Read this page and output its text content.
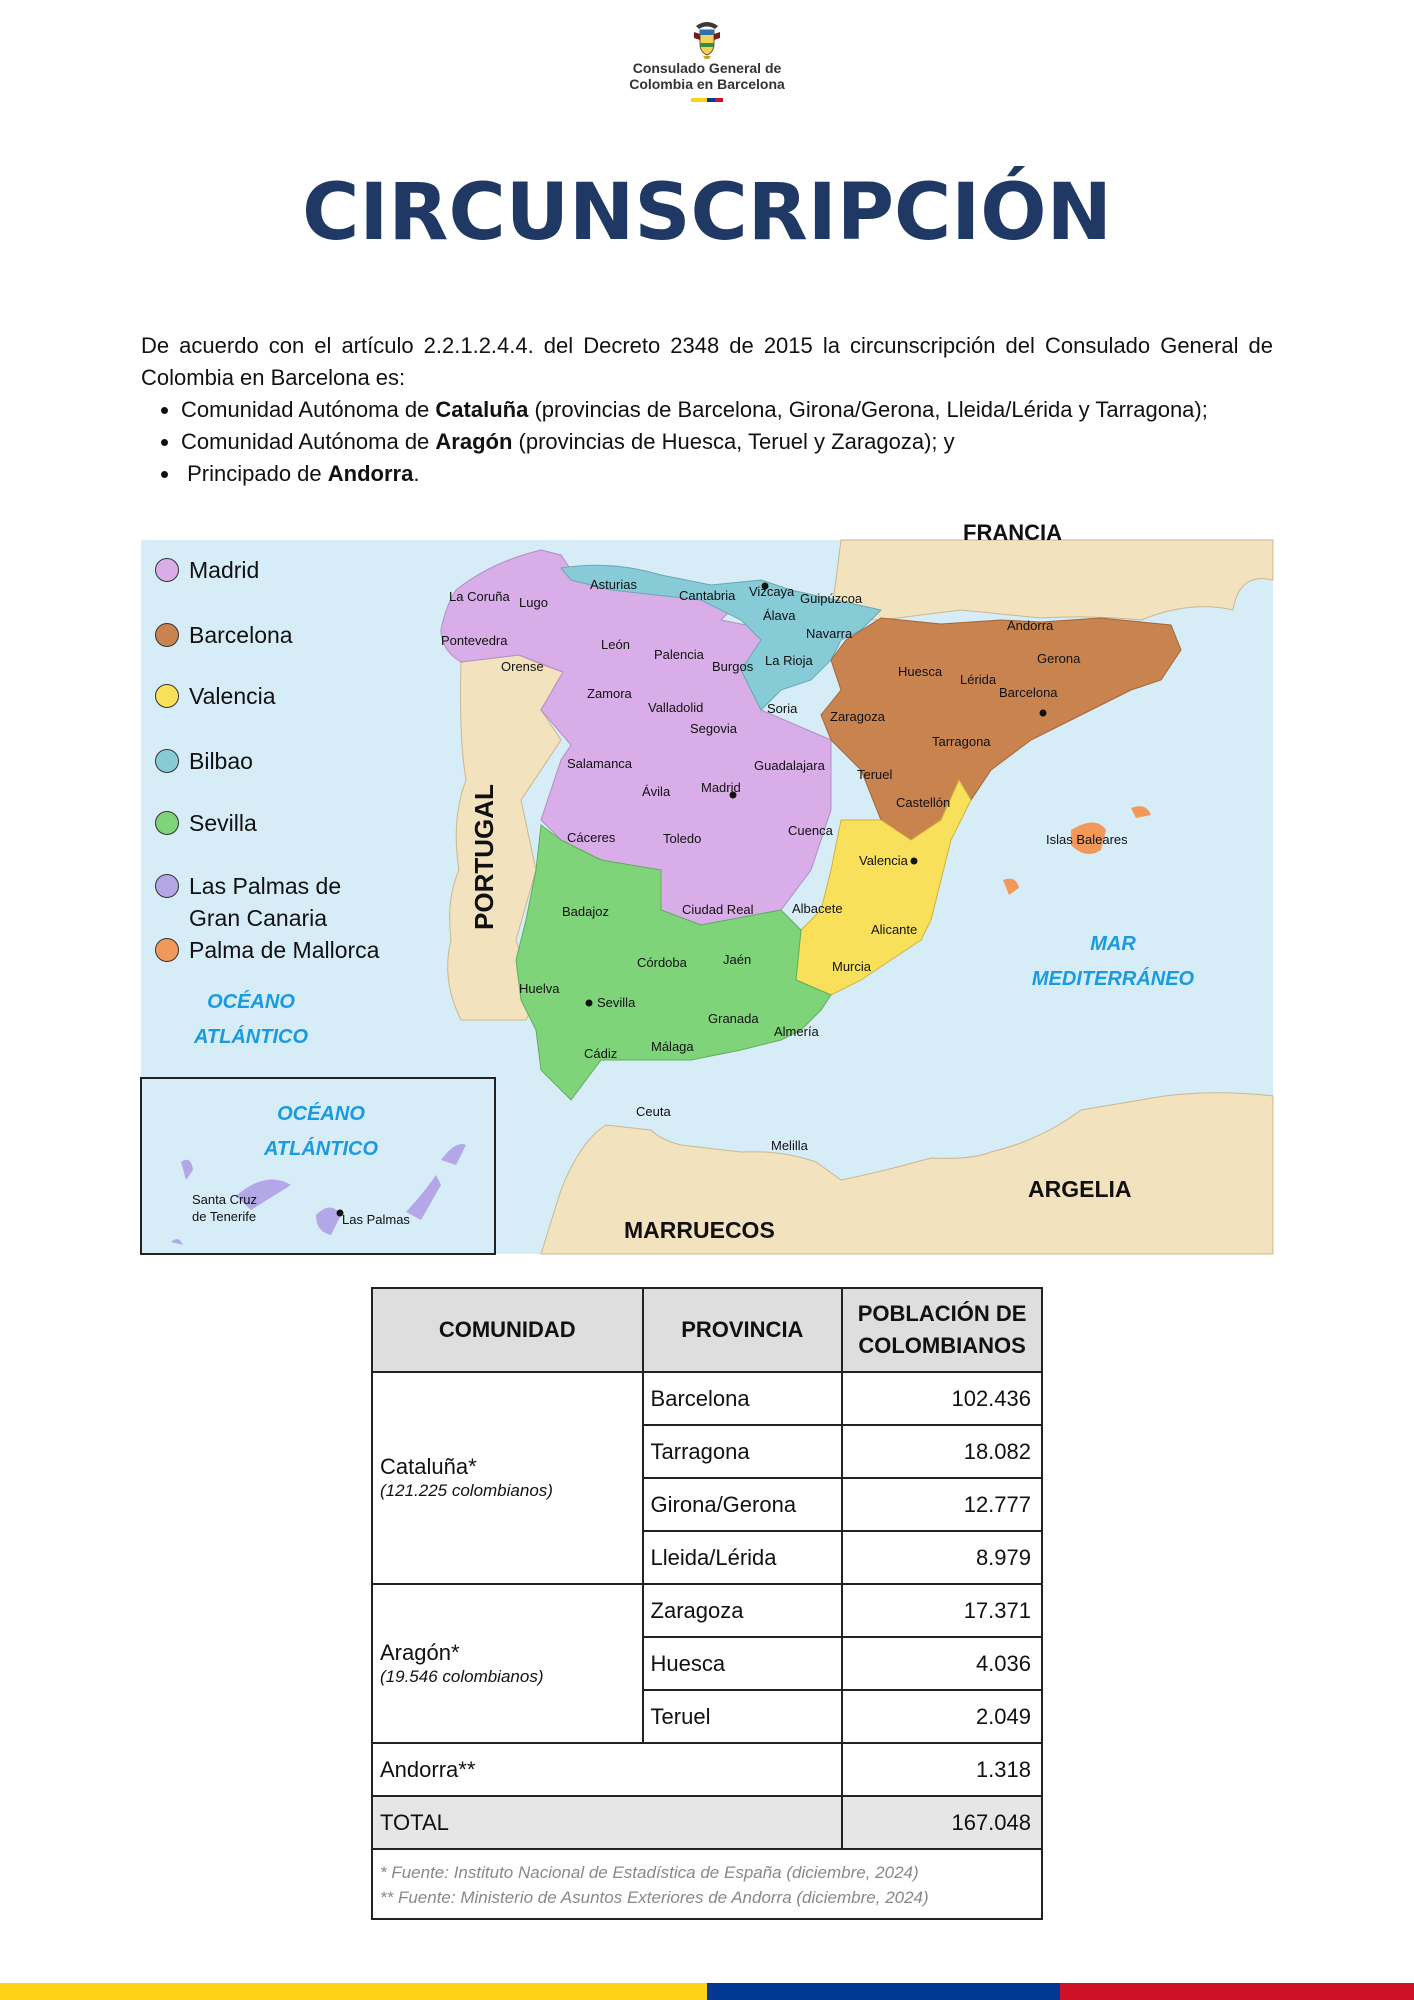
Consulado General de
Colombia en Barcelona
CIRCUNSCRIPCIÓN

De acuerdo con el artículo 2.2.1.2.4.4. del Decreto 2348 de 2015 la circunscripción del Consulado General de Colombia en Barcelona es:

• Comunidad Autónoma de Cataluña (provincias de Barcelona, Girona/Gerona, Lleida/Lérida y Tarragona);
• Comunidad Autónoma de Aragón (provincias de Huesca, Teruel y Zaragoza); y
•  Principado de Andorra.
FRANCIA
PORTUGAL
MARRUECOS
ARGELIA
OCÉANO
ATLÁNTICO
OCÉANO
ATLÁNTICO
MAR
MEDITERRÁNEO
Asturias
Cantabria Vizcaya Guipúzcoa
La Coruña Lugo
Álava
Navarra
Andorra
Pontevedra	León
Palencia
Burgos La Rioja
Huesca
Lérida
Gerona
Orense
Barcelona
Zamora
Valladolid	Soria
Zaragoza
Segovia
Tarragona
Salamanca	Guadalajara
Ávila Madrid
Teruel
Castellón
Cáceres	Toledo
Cuenca
Islas Baleares
Valencia
Badajoz	Ciudad Real	Albacete
Alicante
Córdoba	Jaén	Murcia
Huelva
Sevilla
Granada
Almería
Cádiz	Málaga
Ceuta
Melilla
Santa Cruz
de Tenerife	Las Palmas
Madrid
Barcelona
Valencia
Bilbao
Sevilla
Las Palmas de Gran Canaria
Palma de Mallorca
COMUNIDAD	PROVINCIA	POBLACIÓN DE COLOMBIANOS

Cataluña*
(121.225 colombianos)	Barcelona	102.436
	Tarragona	18.082
	Girona/Gerona	12.777
	Lleida/Lérida	8.979

Aragón*
(19.546 colombianos)	Zaragoza	17.371
	Huesca	4.036
	Teruel	2.049
Andorra**		1.318
TOTAL		167.048

* Fuente: Instituto Nacional de Estadística de España (diciembre, 2024)
** Fuente: Ministerio de Asuntos Exteriores de Andorra (diciembre, 2024)		
